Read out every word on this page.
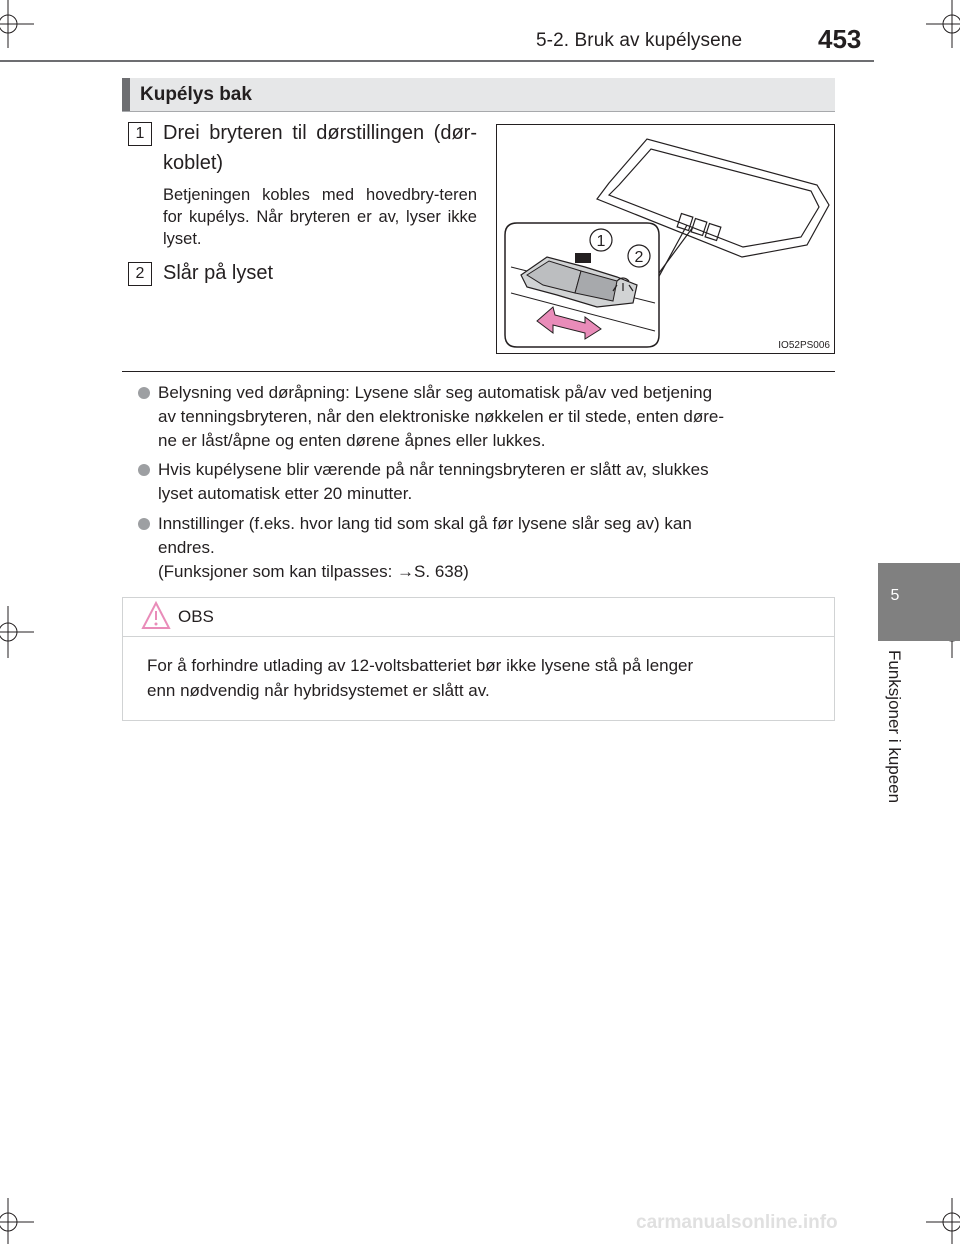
5-2. Bruk av kupélysene	453
5
Funksjoner i kupeen
Kupélys bak
1 Drei bryteren til dørstillingen (dør-koblet)
Betjeningen kobles med hovedbry-teren for kupélys. Når bryteren er av, lyser ikke lyset.
2 Slår på lyset
1
2
IO52PS006
Belysning ved døråpning: Lysene slår seg automatisk på/av ved betjening
av tenningsbryteren, når den elektroniske nøkkelen er til stede, enten døre-
ne er låst/åpne og enten dørene åpnes eller lukkes.
Hvis kupélysene blir værende på når tenningsbryteren er slått av, slukkes
lyset automatisk etter 20 minutter.
Innstillinger (f.eks. hvor lang tid som skal gå før lysene slår seg av) kan
endres.
(Funksjoner som kan tilpasses: →S. 638)
OBS
For å forhindre utlading av 12-voltsbatteriet bør ikke lysene stå på lenger
enn nødvendig når hybridsystemet er slått av.
carmanualsonline.info
